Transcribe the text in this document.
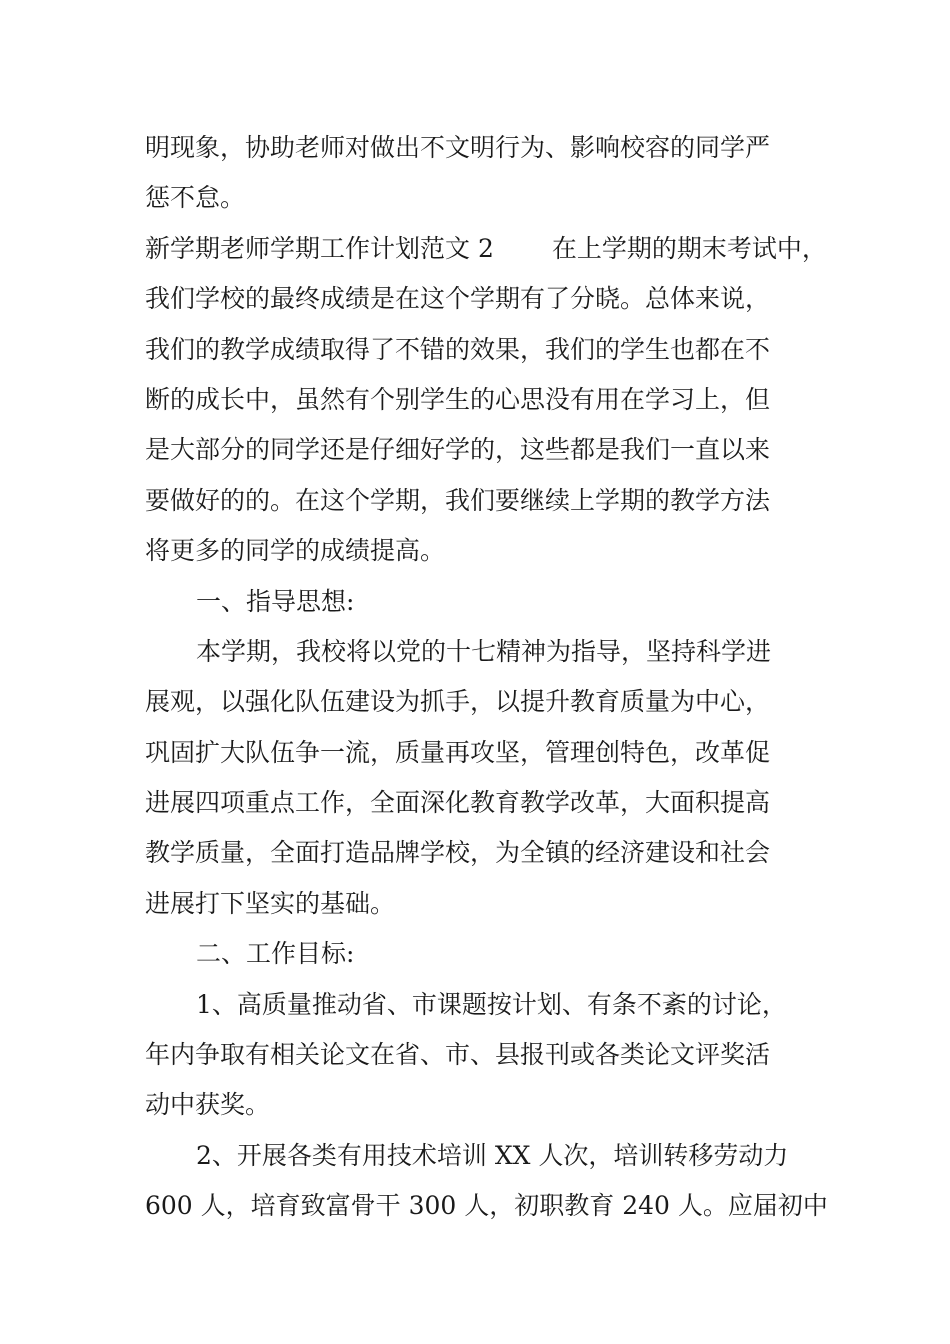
明现象，协助老师对做出不文明行为、影响校容的同学严
惩不怠。
新学期老师学期工作计划范文 2 在上学期的期末考试中，
我们学校的最终成绩是在这个学期有了分晓。总体来说，
我们的教学成绩取得了不错的效果，我们的学生也都在不
断的成长中，虽然有个别学生的心思没有用在学习上，但
是大部分的同学还是仔细好学的，这些都是我们一直以来
要做好的的。在这个学期，我们要继续上学期的教学方法
将更多的同学的成绩提高。
一、指导思想:
本学期，我校将以党的十七精神为指导，坚持科学进
展观，以强化队伍建设为抓手，以提升教育质量为中心，
巩固扩大队伍争一流，质量再攻坚，管理创特色，改革促
进展四项重点工作，全面深化教育教学改革，大面积提高
教学质量，全面打造品牌学校，为全镇的经济建设和社会
进展打下坚实的基础。
二、工作目标:
1、高质量推动省、市课题按计划、有条不紊的讨论，
年内争取有相关论文在省、市、县报刊或各类论文评奖活
动中获奖。
2、开展各类有用技术培训 XX 人次，培训转移劳动力
600 人，培育致富骨干 300 人，初职教育 240 人。应届初中
